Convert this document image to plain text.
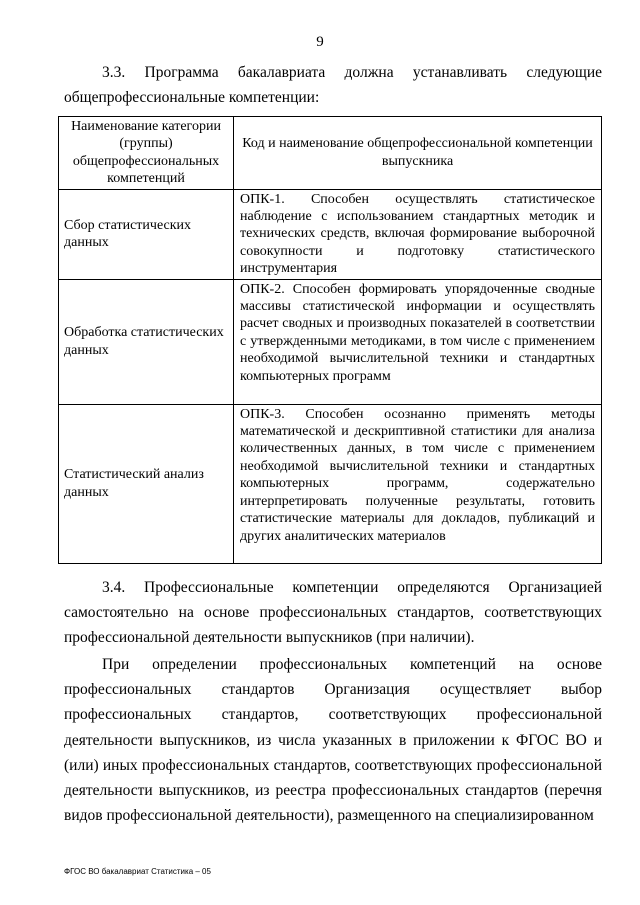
9
3.3. Программа бакалавриата должна устанавливать следующие общепрофессиональные компетенции:
Наименование категории (группы) общепрофессиональных компетенций	Код и наименование общепрофессиональной компетенции выпускника
Сбор статистических данных	ОПК-1. Способен осуществлять статистическое наблюдение с использованием стандартных методик и технических средств, включая формирование выборочной совокупности и подготовку статистического инструментария
Обработка статистических данных	ОПК-2. Способен формировать упорядоченные сводные массивы статистической информации и осуществлять расчет сводных и производных показателей в соответствии с утвержденными методиками, в том числе с применением необходимой вычислительной техники и стандартных компьютерных программ
Статистический анализ данных	ОПК-3. Способен осознанно применять методы математической и дескриптивной статистики для анализа количественных данных, в том числе с применением необходимой вычислительной техники и стандартных компьютерных программ, содержательно интерпретировать полученные результаты, готовить статистические материалы для докладов, публикаций и других аналитических материалов
3.4. Профессиональные компетенции определяются Организацией самостоятельно на основе профессиональных стандартов, соответствующих профессиональной деятельности выпускников (при наличии).
При определении профессиональных компетенций на основе профессиональных стандартов Организация осуществляет выбор профессиональных стандартов, соответствующих профессиональной деятельности выпускников, из числа указанных в приложении к ФГОС ВО и (или) иных профессиональных стандартов, соответствующих профессиональной деятельности выпускников, из реестра профессиональных стандартов (перечня видов профессиональной деятельности), размещенного на специализированном
ФГОС ВО бакалавриат Статистика – 05
